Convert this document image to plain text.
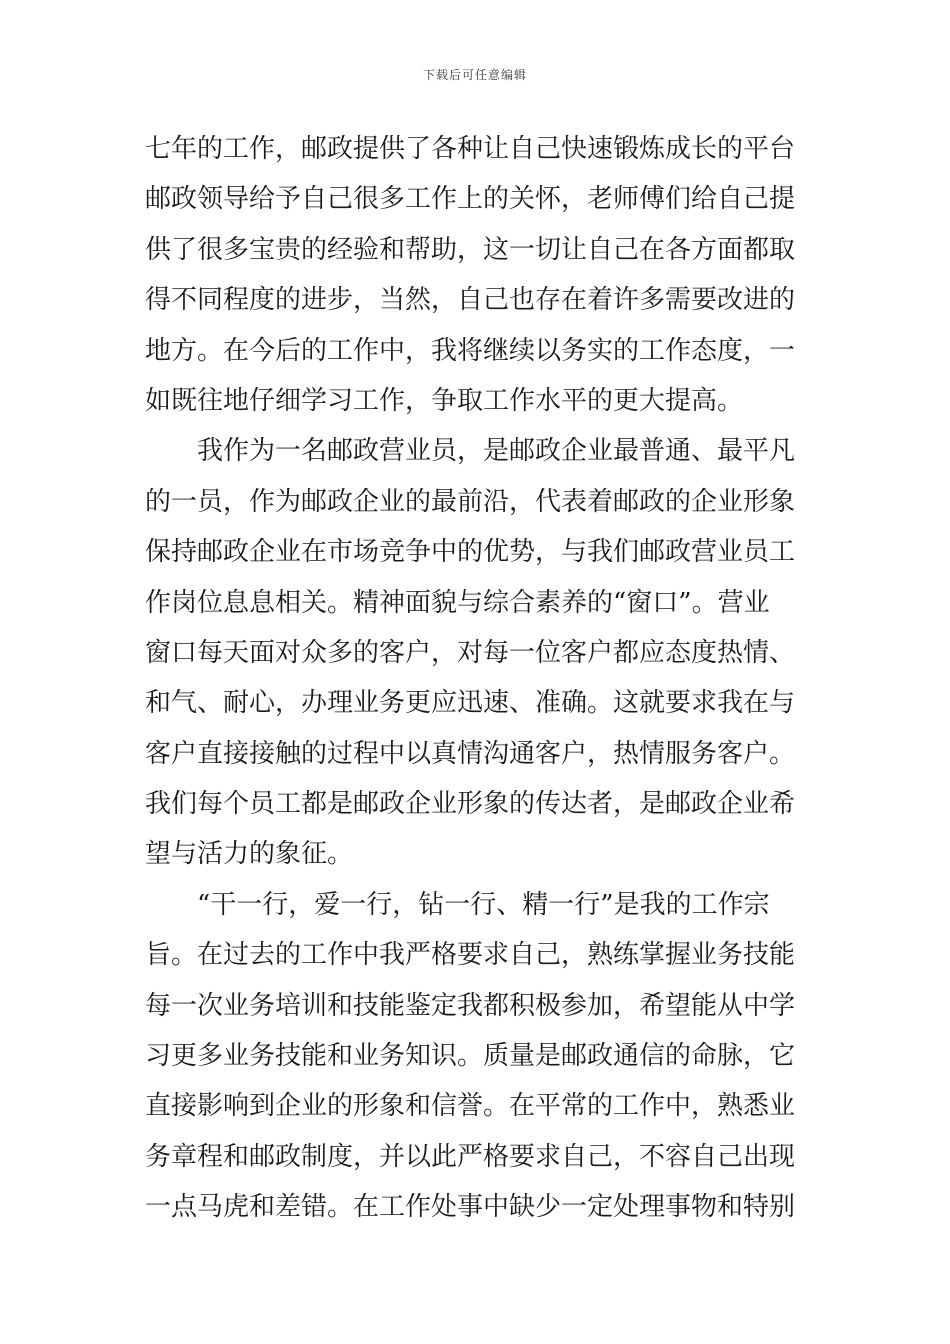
下载后可任意编辑
七年的工作，邮政提供了各种让自己快速锻炼成长的平台
邮政领导给予自己很多工作上的关怀，老师傅们给自己提
供了很多宝贵的经验和帮助，这一切让自己在各方面都取
得不同程度的进步，当然，自己也存在着许多需要改进的
地方。在今后的工作中，我将继续以务实的工作态度，一
如既往地仔细学习工作，争取工作水平的更大提高。
我作为一名邮政营业员，是邮政企业最普通、最平凡
的一员，作为邮政企业的最前沿，代表着邮政的企业形象
保持邮政企业在市场竞争中的优势，与我们邮政营业员工
作岗位息息相关。精神面貌与综合素养的“窗口”。营业
窗口每天面对众多的客户，对每一位客户都应态度热情、
和气、耐心，办理业务更应迅速、准确。这就要求我在与
客户直接接触的过程中以真情沟通客户，热情服务客户。
我们每个员工都是邮政企业形象的传达者，是邮政企业希
望与活力的象征。
“干一行，爱一行，钻一行、精一行”是我的工作宗
旨。在过去的工作中我严格要求自己，熟练掌握业务技能
每一次业务培训和技能鉴定我都积极参加，希望能从中学
习更多业务技能和业务知识。质量是邮政通信的命脉，它
直接影响到企业的形象和信誉。在平常的工作中，熟悉业
务章程和邮政制度，并以此严格要求自己，不容自己出现
一点马虎和差错。在工作处事中缺少一定处理事物和特别
